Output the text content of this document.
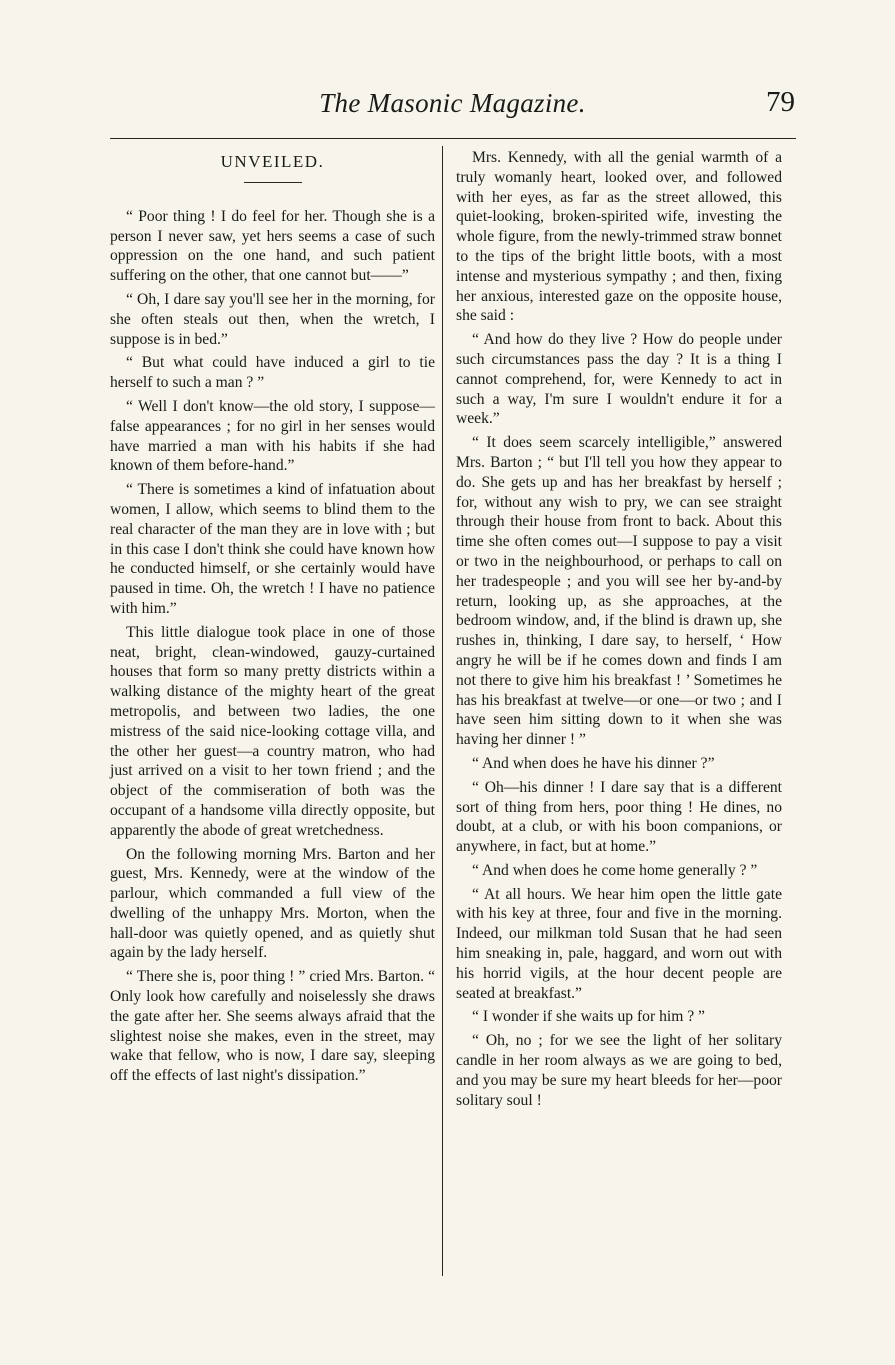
The Masonic Magazine.	79
UNVEILED.

“ Poor thing ! I do feel for her. Though she is a person I never saw, yet hers seems a case of such oppression on the one hand, and such patient suffering on the other, that one cannot but——”

“ Oh, I dare say you'll see her in the morning, for she often steals out then, when the wretch, I suppose is in bed.”

“ But what could have induced a girl to tie herself to such a man ? ”

“ Well I don't know—the old story, I suppose—false appearances ; for no girl in her senses would have married a man with his habits if she had known of them before-hand.”

“ There is sometimes a kind of infatuation about women, I allow, which seems to blind them to the real character of the man they are in love with ; but in this case I don't think she could have known how he conducted himself, or she certainly would have paused in time. Oh, the wretch ! I have no patience with him.”

This little dialogue took place in one of those neat, bright, clean-windowed, gauzy-curtained houses that form so many pretty districts within a walking distance of the mighty heart of the great metropolis, and between two ladies, the one mistress of the said nice-looking cottage villa, and the other her guest—a country matron, who had just arrived on a visit to her town friend ; and the object of the commiseration of both was the occupant of a handsome villa directly opposite, but apparently the abode of great wretchedness.

On the following morning Mrs. Barton and her guest, Mrs. Kennedy, were at the window of the parlour, which commanded a full view of the dwelling of the unhappy Mrs. Morton, when the hall-door was quietly opened, and as quietly shut again by the lady herself.

“ There she is, poor thing ! ” cried Mrs. Barton. “ Only look how carefully and noiselessly she draws the gate after her. She seems always afraid that the slightest noise she makes, even in the street, may wake that fellow, who is now, I dare say, sleeping off the effects of last night's dissipation.”

Mrs. Kennedy, with all the genial warmth of a truly womanly heart, looked over, and followed with her eyes, as far as the street allowed, this quiet-looking, broken-spirited wife, investing the whole figure, from the newly-trimmed straw bonnet to the tips of the bright little boots, with a most intense and mysterious sympathy ; and then, fixing her anxious, interested gaze on the opposite house, she said :

“ And how do they live ? How do people under such circumstances pass the day ? It is a thing I cannot comprehend, for, were Kennedy to act in such a way, I'm sure I wouldn't endure it for a week.”

“ It does seem scarcely intelligible,” answered Mrs. Barton ; “ but I'll tell you how they appear to do. She gets up and has her breakfast by herself ; for, without any wish to pry, we can see straight through their house from front to back. About this time she often comes out—I suppose to pay a visit or two in the neighbourhood, or perhaps to call on her tradespeople ; and you will see her by-and-by return, looking up, as she approaches, at the bedroom window, and, if the blind is drawn up, she rushes in, thinking, I dare say, to herself, ‘ How angry he will be if he comes down and finds I am not there to give him his breakfast ! ’ Sometimes he has his breakfast at twelve—or one—or two ; and I have seen him sitting down to it when she was having her dinner ! ”

“ And when does he have his dinner ?”

“ Oh—his dinner ! I dare say that is a different sort of thing from hers, poor thing ! He dines, no doubt, at a club, or with his boon companions, or anywhere, in fact, but at home.”

“ And when does he come home generally ? ”

“ At all hours. We hear him open the little gate with his key at three, four and five in the morning. Indeed, our milkman told Susan that he had seen him sneaking in, pale, haggard, and worn out with his horrid vigils, at the hour decent people are seated at breakfast.”

“ I wonder if she waits up for him ? ”

“ Oh, no ; for we see the light of her solitary candle in her room always as we are going to bed, and you may be sure my heart bleeds for her—poor solitary soul !
